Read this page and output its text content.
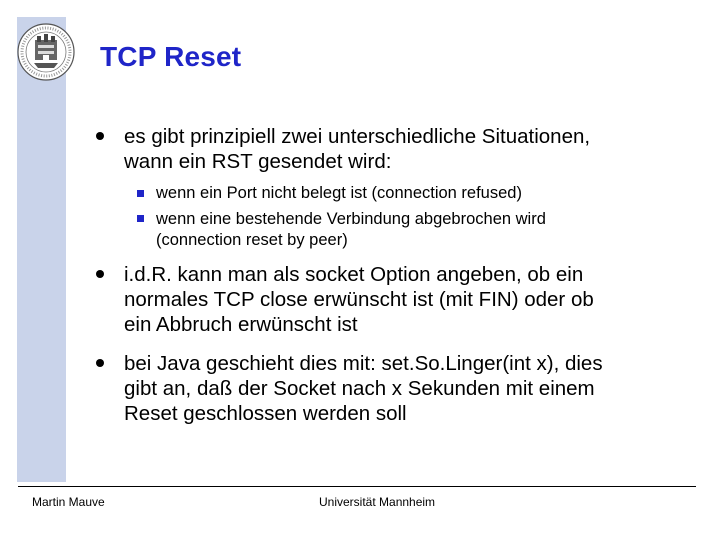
TCP Reset
es gibt prinzipiell zwei unterschiedliche Situationen,
wann ein RST gesendet wird:
wenn ein Port nicht belegt ist (connection refused)
wenn eine bestehende Verbindung abgebrochen wird
(connection reset by peer)
i.d.R. kann man als socket Option angeben, ob ein
normales TCP close erwünscht ist (mit FIN) oder ob
ein Abbruch erwünscht ist
bei Java geschieht dies mit: set.So.Linger(int x), dies
gibt an, daß der Socket nach x Sekunden mit einem
Reset geschlossen werden soll
Martin Mauve	Universität Mannheim
